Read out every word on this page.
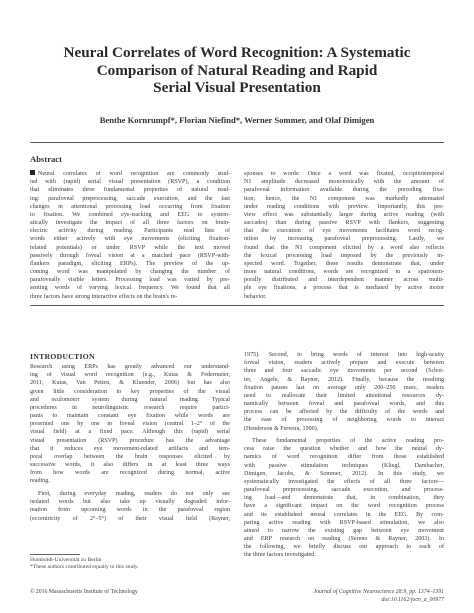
Neural Correlates of Word Recognition: A Systematic
Comparison of Natural Reading and Rapid
Serial Visual Presentation
Benthe Kornrumpf*, Florian Niefind*, Werner Sommer, and Olaf Dimigen
Abstract
Neural correlates of word recognition are commonly stud-
ied with (rapid) serial visual presentation (RSVP), a condition
that eliminates three fundamental properties of natural read-
ing: parafoveal preprocessing, saccade execution, and the fast
changes in attentional processing load occurring from fixation
to fixation. We combined eye-tracking and EEG to system-
atically investigate the impact of all three factors on brain-
electric activity during reading. Participants read lists of
words either actively with eye movements (eliciting fixation-
related potentials) or under RSVP while the text moved
passively through foveal vision at a matched pace (RSVP-with-
flankers paradigm, eliciting ERPs). The preview of the up-
coming word was manipulated by changing the number of
parafoveally visible letters. Processing load was varied by pre-
senting words of varying lexical frequency. We found that all
three factors have strong interactive effects on the brain's re-
sponses to words: Once a word was fixated, occipitotemporal
N1 amplitude decreased monotonically with the amount of
parafoveal information available during the preceding fixa-
tion; hence, the N1 component was markedly attenuated
under reading conditions with preview. Importantly, this pre-
view effect was substantially larger during active reading (with
saccades) than during passive RSVP with flankers, suggesting
that the execution of eye movements facilitates word recog-
nition by increasing parafoveal preprocessing. Lastly, we
found that the N1 component elicited by a word also reflects
the lexical processing load imposed by the previously in-
spected word. Together, these results demonstrate that, under
more natural conditions, words are recognized in a spatiotem-
porally distributed and interdependent manner across multi-
ple eye fixations, a process that is mediated by active motor
behavior.
INTRODUCTION
Research using ERPs has greatly advanced our understand-
ing of visual word recognition (e.g., Kutas & Federmeier,
2011; Kutas, Van Petten, & Kluender, 2006) but has also
given little consideration to key properties of the visual
and oculomotor system during natural reading. Typical
procedures in neurolinguistic research require partici-
pants to maintain constant eye fixation while words are
presented one by one in foveal vision (central 1–2° of the
visual field) at a fixed pace. Although this (rapid) serial
visual presentation (RSVP) procedure has the advantage
that it reduces eye movement-related artifacts and tem-
poral overlap between the brain responses elicited by
successive words, it also differs in at least three ways
from how words are recognized during normal, active
reading.
First, during everyday reading, readers do not only see
isolated words but also take up visually degraded infor-
mation from upcoming words in the parafoveal region
(eccentricity of 2°–5°) of their visual field (Rayner,
1975). Second, to bring words of interest into high-acuity
foveal vision, readers actively prepare and execute between
three and four saccadic eye movements per second (Schot-
ter, Angele, & Rayner, 2012). Finally, because the resulting
fixation pauses last on average only 200–250 msec, readers
need to reallocate their limited attentional resources dy-
namically between foveal and parafoveal words, and this
process can be affected by the difficulty of the words and
the ease of processing of neighboring words to interact
(Henderson & Ferreira, 1990).
These fundamental properties of the active reading pro-
cess raise the question whether and how the neural dy-
namics of word recognition differ from those established
with passive stimulation techniques (Kliegl, Dambacher,
Dimigen, Jacobs, & Sommer, 2012). In this study, we
systematically investigated the effects of all three factors—
parafoveal preprocessing, saccade execution, and process-
ing load—and demonstrate that, in combination, they
have a significant impact on the word recognition process
and its established neural correlates in the EEG. By com-
paring active reading with RSVP-based stimulation, we also
aimed to narrow the existing gap between eye movement
and ERP research on reading (Sereno & Rayner, 2003). In
the following, we briefly discuss our approach to each of
the three factors investigated.
Humboldt-Universität zu Berlin
*These authors contributed equally to this study.
© 2016 Massachusetts Institute of Technology	Journal of Cognitive Neuroscience 28:9, pp. 1374–1391
doi:10.1162/jocn_a_00977
